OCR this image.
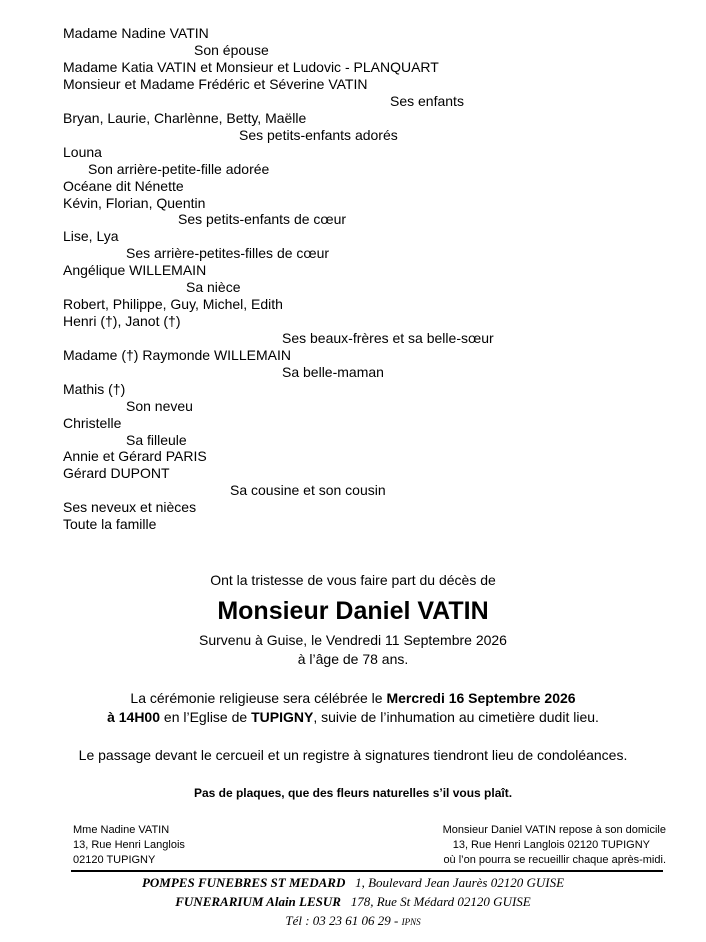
Madame Nadine VATIN
Son épouse
Madame Katia VATIN et Monsieur et Ludovic - PLANQUART
Monsieur et Madame Frédéric et Séverine VATIN
Ses enfants
Bryan, Laurie, Charlènne, Betty, Maëlle
Ses petits-enfants adorés
Louna
Son arrière-petite-fille adorée
Océane dit Nénette
Kévin, Florian, Quentin
Ses petits-enfants de cœur
Lise, Lya
Ses arrière-petites-filles de cœur
Angélique WILLEMAIN
Sa nièce
Robert, Philippe, Guy, Michel, Edith
Henri (†), Janot (†)
Ses beaux-frères et sa belle-sœur
Madame (†) Raymonde WILLEMAIN
Sa belle-maman
Mathis (†)
Son neveu
Christelle
Sa filleule
Annie et Gérard PARIS
Gérard DUPONT
Sa cousine et son cousin
Ses neveux et nièces
Toute la famille
Ont la tristesse de vous faire part du décès de
Monsieur Daniel VATIN
Survenu à Guise, le Vendredi 11 Septembre 2026
à l’âge de 78 ans.
La cérémonie religieuse sera célébrée le Mercredi 16 Septembre 2026
à 14H00 en l’Eglise de TUPIGNY, suivie de l’inhumation au cimetière dudit lieu.
Le passage devant le cercueil et un registre à signatures tiendront lieu de condoléances.
Pas de plaques, que des fleurs naturelles s’il vous plaît.
Mme Nadine VATIN
13, Rue Henri Langlois
02120 TUPIGNY
Monsieur Daniel VATIN repose à son domicile
13, Rue Henri Langlois 02120 TUPIGNY
où l’on pourra se recueillir chaque après-midi.
POMPES FUNEBRES ST MEDARD 1, Boulevard Jean Jaurès 02120 GUISE
FUNERARIUM Alain LESUR 178, Rue St Médard 02120 GUISE
Tél : 03 23 61 06 29 - IPNS
